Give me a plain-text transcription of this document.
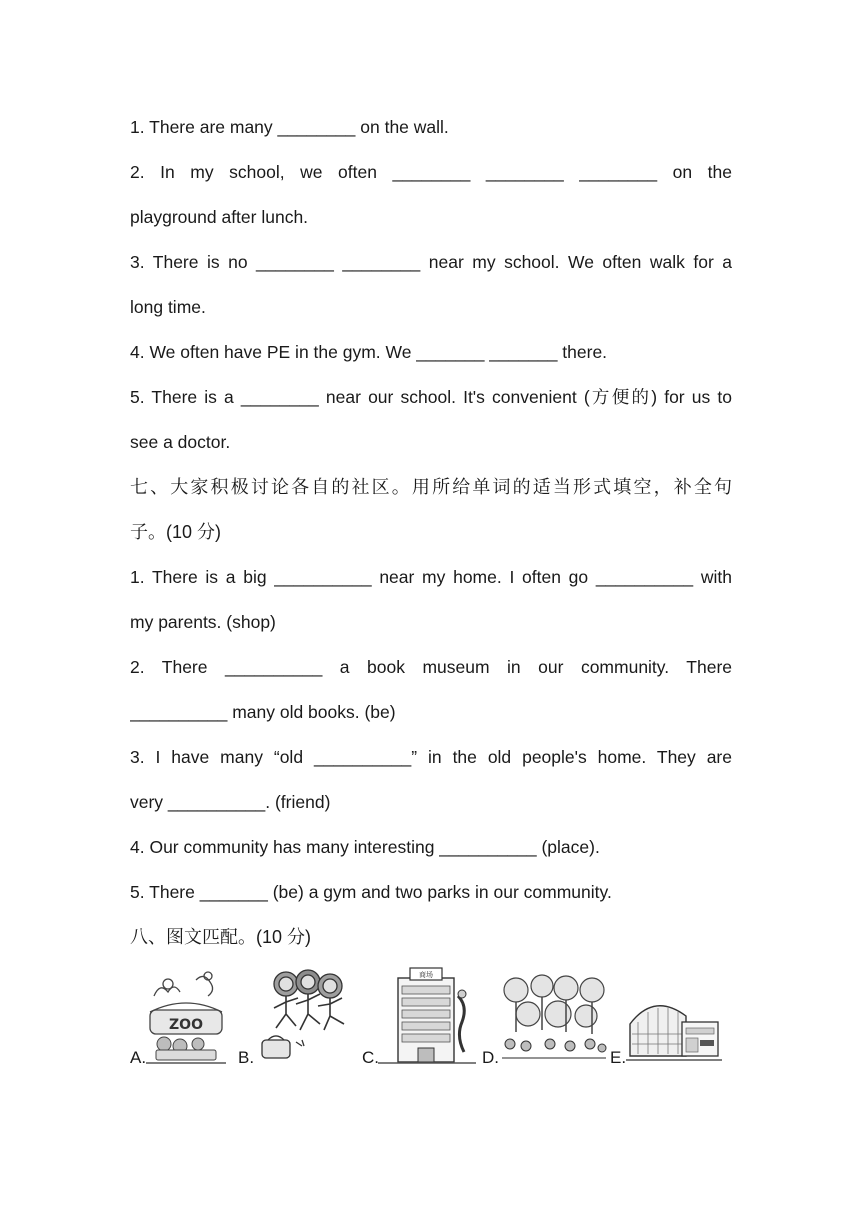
1. There are many ________ on the wall.
2. In my school, we often ________ ________ ________ on the
playground after lunch.
3. There is no ________ ________ near my school. We often walk for a
long time.
4. We often have PE in the gym. We _______ _______ there.
5. There is a ________ near our school. It's convenient (方便的) for us to
see a doctor.
七、大家积极讨论各自的社区。用所给单词的适当形式填空，补全句
子。(10 分)
1. There is a big __________ near my home. I often go __________ with
my parents. (shop)
2. There __________ a book museum in our community. There
__________ many old books. (be)
3. I have many “old __________” in the old people's home. They are
very __________. (friend)
4. Our community has many interesting __________ (place).
5. There _______ (be) a gym and two parks in our community.
八、图文匹配。(10 分)
A.
ZOO
B.	C.
商场
D.	E.
